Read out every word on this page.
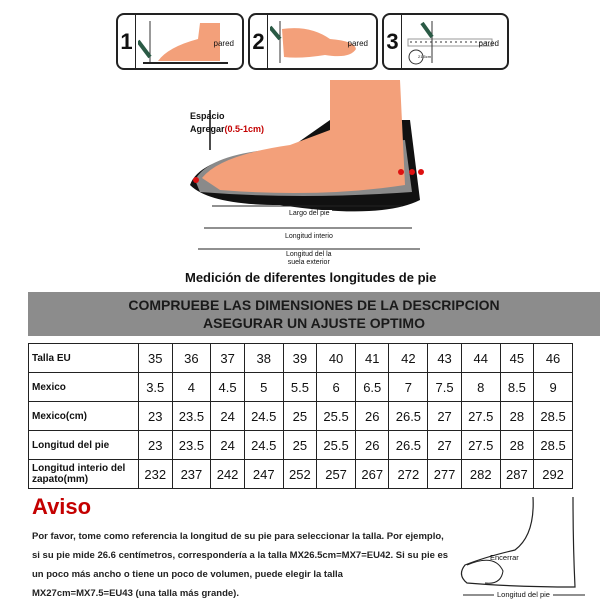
1	pared 2	pared 3
21.5cm
pared
Espacio
Agregar(0.5-1cm)
Largo del pie
Longitud interio
Longitud del la
suela exterior
Medición de diferentes longitudes de pie
COMPRUEBE LAS DIMENSIONES DE LA DESCRIPCION
ASEGURAR UN AJUSTE OPTIMO
Talla EU	35	36	37	38	39	40	41	42	43	44	45	46
Mexico	3.5	4	4.5	5	5.5	6	6.5	7	7.5	8	8.5	9
Mexico(cm)	23	23.5	24	24.5	25	25.5	26	26.5	27	27.5	28	28.5
Longitud del pie	23	23.5	24	24.5	25	25.5	26	26.5	27	27.5	28	28.5
Longitud interio del zapato(mm)	232	237	242	247	252	257	267	272	277	282	287	292
Aviso
Por favor, tome como referencia la longitud de su pie para seleccionar la talla. Por ejemplo,
si su pie mide 26.6 centímetros, correspondería a la talla MX26.5cm=MX7=EU42. Si su pie es
un poco más ancho o tiene un poco de volumen, puede elegir la talla
MX27cm=MX7.5=EU43 (una talla más grande).
Encerrar
Longitud del pie
